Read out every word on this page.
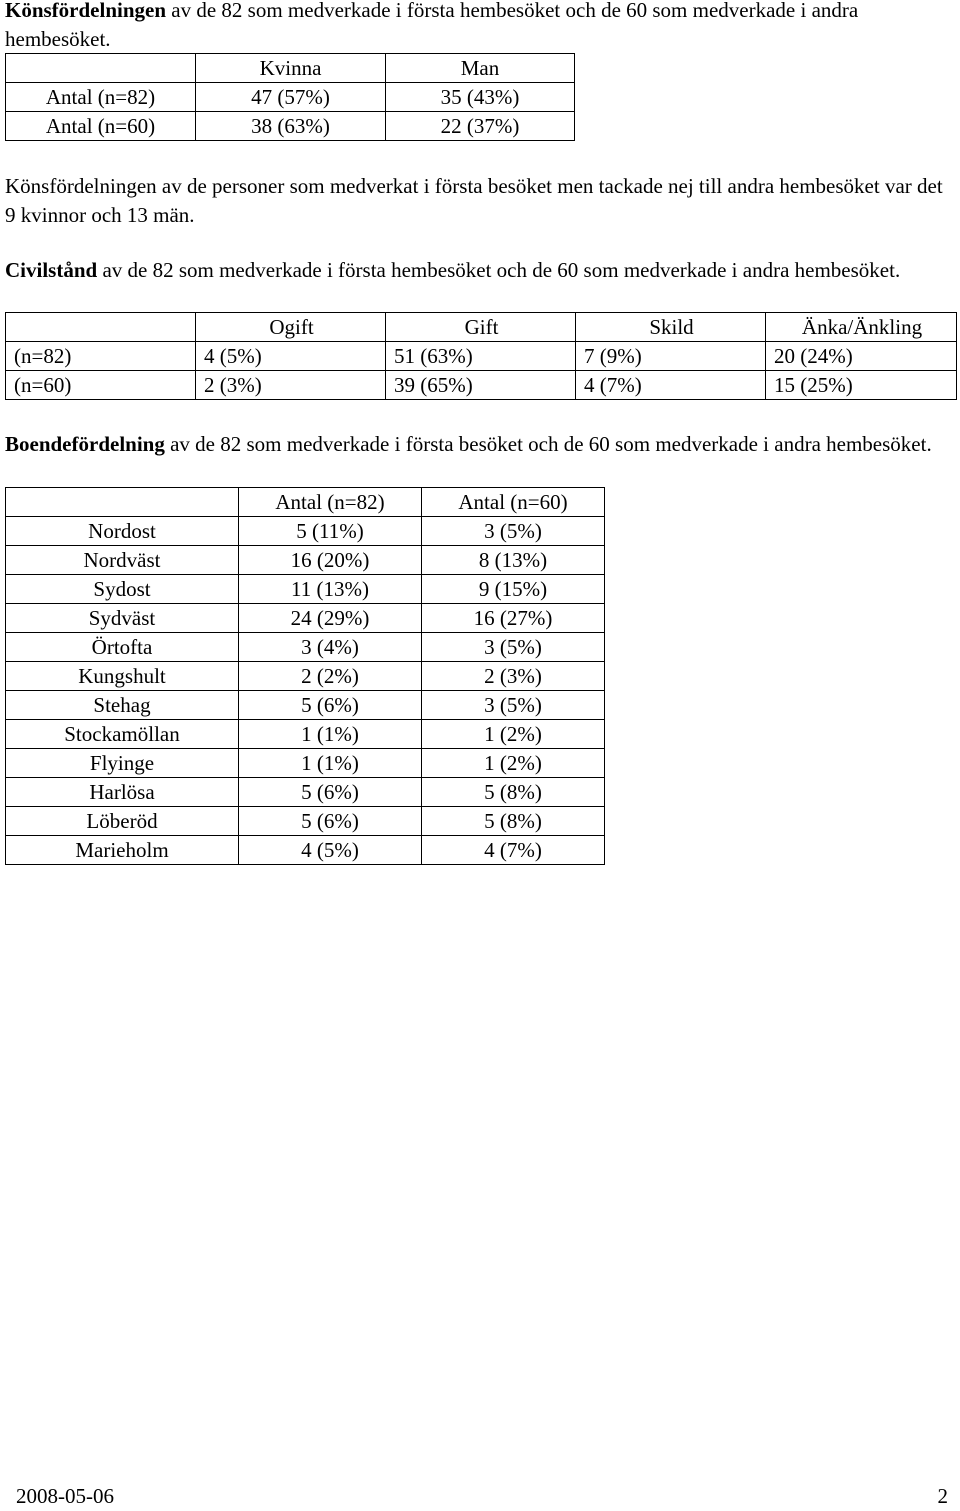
Könsfördelningen av de 82 som medverkade i första hembesöket och de 60 som medverkade i andra hembesöket.

	Kvinna	Man
Antal (n=82)	47 (57%)	35 (43%)
Antal (n=60)	38 (63%)	22 (37%)

Könsfördelningen av de personer som medverkat i första besöket men tackade nej till andra hembesöket var det 9 kvinnor och 13 män.

Civilstånd av de 82 som medverkade i första hembesöket och de 60 som medverkade i andra hembesöket.

	Ogift	Gift	Skild	Änka/Änkling
(n=82)	4 (5%)	51 (63%)	7 (9%)	20 (24%)
(n=60)	2 (3%)	39 (65%)	4 (7%)	15 (25%)

Boendefördelning av de 82 som medverkade i första besöket och de 60 som medverkade i andra hembesöket.

	Antal (n=82)	Antal (n=60)
Nordost	5 (11%)	3 (5%)
Nordväst	16 (20%)	8 (13%)
Sydost	11 (13%)	9 (15%)
Sydväst	24 (29%)	16 (27%)
Örtofta	3 (4%)	3 (5%)
Kungshult	2 (2%)	2 (3%)
Stehag	5 (6%)	3 (5%)
Stockamöllan	1 (1%)	1 (2%)
Flyinge	1 (1%)	1 (2%)
Harlösa	5 (6%)	5 (8%)
Löberöd	5 (6%)	5 (8%)
Marieholm	4 (5%)	4 (7%)
2008-05-06	2
